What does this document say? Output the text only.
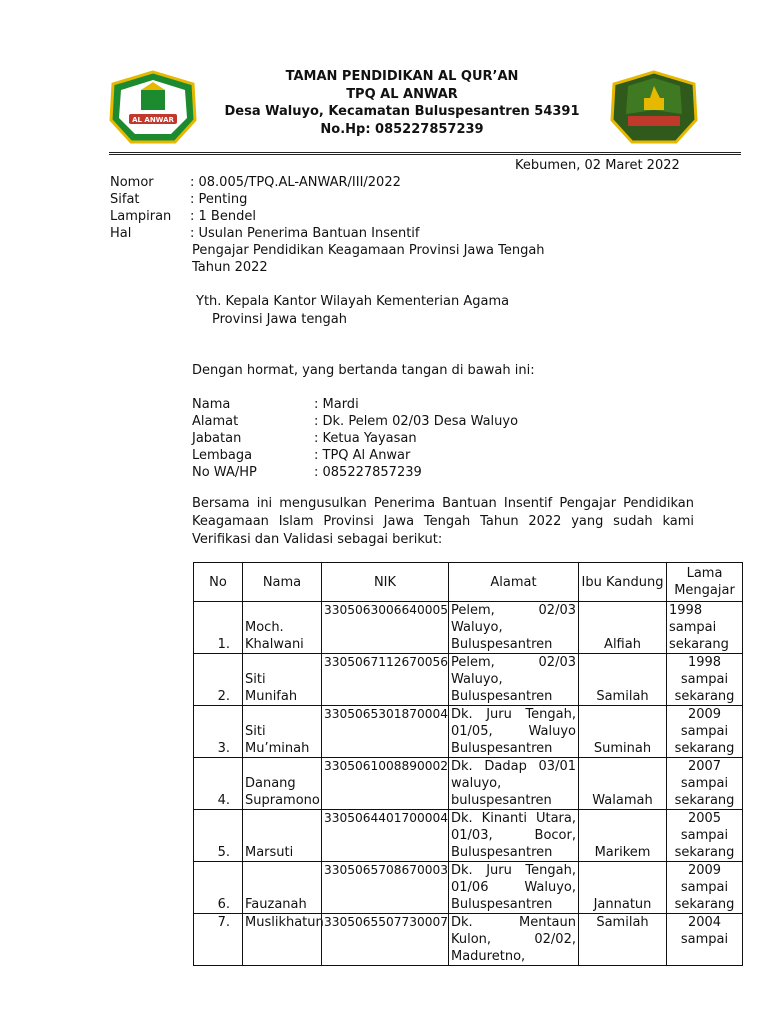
AL ANWAR
TAMAN PENDIDIKAN AL QUR’AN
TPQ AL ANWAR
Desa Waluyo, Kecamatan Buluspesantren 54391
No.Hp: 085227857239
Kebumen, 02 Maret 2022
Nomor	: 08.005/TPQ.AL-ANWAR/III/2022
Sifat	: Penting
Lampiran : 1 Bendel
Hal	: Usulan Penerima Bantuan Insentif
Pengajar Pendidikan Keagamaan Provinsi Jawa Tengah
Tahun 2022
Yth. Kepala Kantor Wilayah Kementerian Agama
Provinsi Jawa tengah
Dengan hormat, yang bertanda tangan di bawah ini:
Nama	: Mardi
Alamat	: Dk. Pelem 02/03 Desa Waluyo
Jabatan	: Ketua Yayasan
Lembaga	: TPQ Al Anwar
No WA/HP	: 085227857239
Bersama ini mengusulkan Penerima Bantuan Insentif Pengajar Pendidikan Keagamaan Islam Provinsi Jawa Tengah Tahun 2022 yang sudah kami Verifikasi dan Validasi sebagai berikut:
No	Nama	NIK	Alamat	Ibu Kandung	Lama Mengajar
1.	Moch. Khalwani	3305063006640005	Pelem, 02/03 Waluyo, Buluspesantren	Alfiah	1998 sampai sekarang
2.	Siti Munifah	3305067112670056	Pelem, 02/03 Waluyo, Buluspesantren	Samilah	1998 sampai sekarang
3.	Siti Mu’minah	3305065301870004	Dk. Juru Tengah, 01/05, Waluyo Buluspesantren	Suminah	2009 sampai sekarang
4.	Danang Supramono	3305061008890002	Dk. Dadap 03/01 waluyo, buluspesantren	Walamah	2007 sampai sekarang
5.	Marsuti	3305064401700004	Dk. Kinanti Utara, 01/03, Bocor, Buluspesantren	Marikem	2005 sampai sekarang
6.	Fauzanah	3305065708670003	Dk. Juru Tengah, 01/06 Waluyo, Buluspesantren	Jannatun	2009 sampai sekarang
7.	Muslikhatun	3305065507730007	Dk. Mentaun Kulon, 02/02, Maduretno,	Samilah	2004 sampai
